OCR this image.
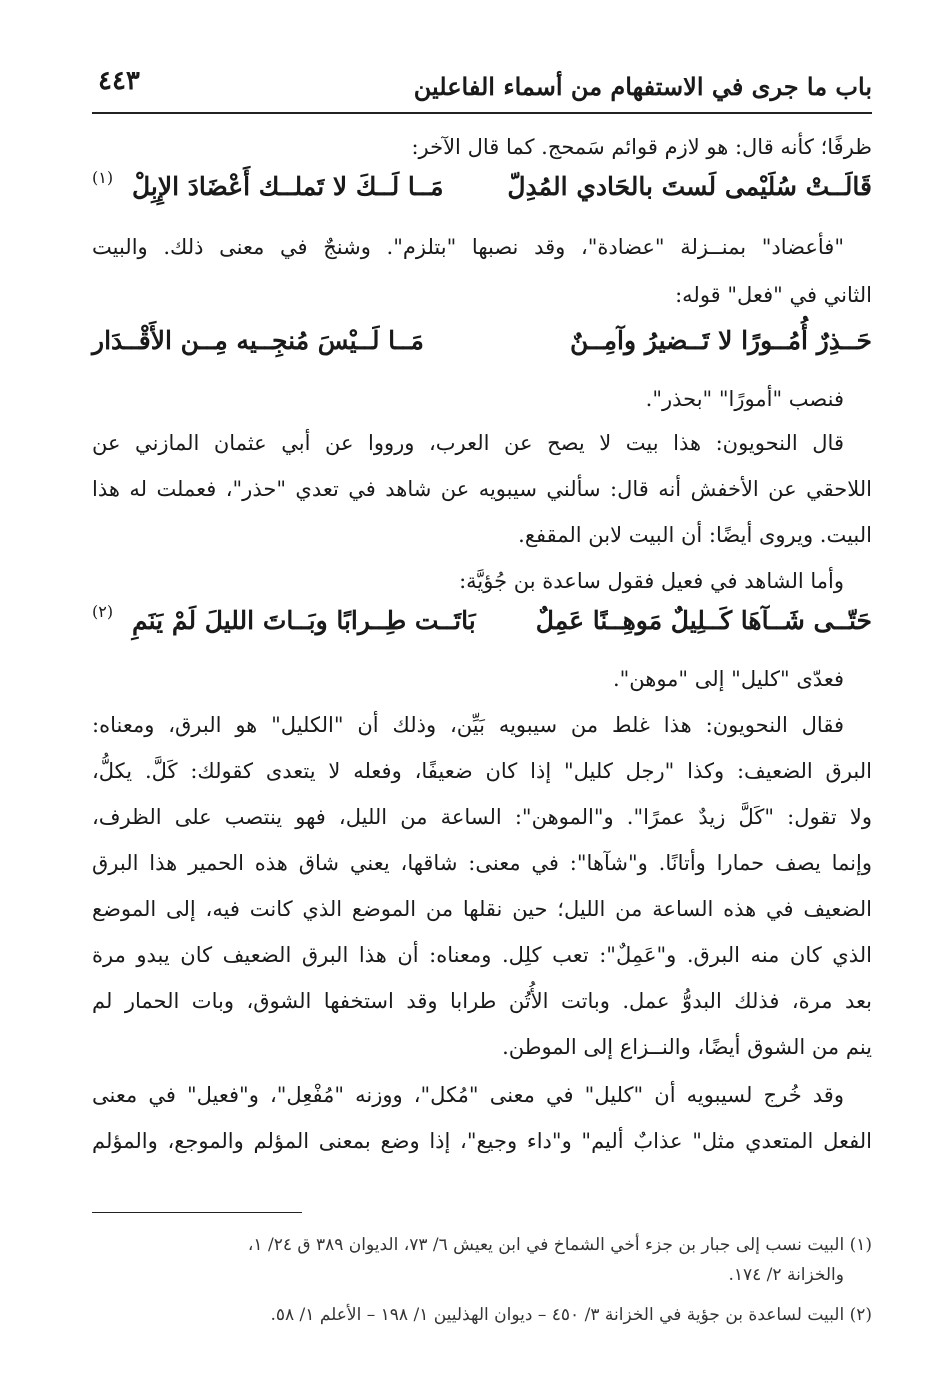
باب ما جرى في الاستفهام من أسماء الفاعلين
٤٤٣
ظرفًا؛ كأنه قال: هو لازم قوائم سَمحج. كما قال الآخر:
قَالَــتْ سُلَيْمى لَستَ بالحَادي المُدِلّ
مَــا لَــكَ لا تَملــك أَعْضَادَ الإِبِلْ
(١)
"فأعضاد" بمنــزلة "عضادة"، وقد نصبها "بتلزم". وشنجٌ في معنى ذلك. والبيت
الثاني في "فعل" قوله:
حَــذِرٌ أُمُــورًا لا تَــضيرُ وآمِــنٌ
مَــا لَــيْسَ مُنجِــيه مِــن الأَقْــدَار
فنصب "أمورًا" "بحذر".
قال النحويون: هذا بيت لا يصح عن العرب، ورووا عن أبي عثمان المازني عن
اللاحقي عن الأخفش أنه قال: سألني سيبويه عن شاهد في تعدي "حذر"، فعملت له هذا
البيت. ويروى أيضًا: أن البيت لابن المقفع.
وأما الشاهد في فعيل فقول ساعدة بن جُؤيَّة:
حَتّــى شَــآهَا كَــلِيلٌ مَوهِــنًا عَمِلٌ
بَاتَــت طِــرابًا وبَــاتَ الليلَ لَمْ يَنَمِ
(٢)
فعدّى "كليل" إلى "موهن".
فقال النحويون: هذا غلط من سيبويه بَيِّن، وذلك أن "الكليل" هو البرق، ومعناه:
البرق الضعيف: وكذا "رجل كليل" إذا كان ضعيفًا، وفعله لا يتعدى كقولك: كَلَّ. يكلُّ،
ولا تقول: "كَلَّ زيدٌ عمرًا". و"الموهن": الساعة من الليل، فهو ينتصب على الظرف،
وإنما يصف حمارا وأتانًا. و"شآها": في معنى: شاقها، يعني شاق هذه الحمير هذا البرق
الضعيف في هذه الساعة من الليل؛ حين نقلها من الموضع الذي كانت فيه، إلى الموضع
الذي كان منه البرق. و"عَمِلٌ": تعب كلِل. ومعناه: أن هذا البرق الضعيف كان يبدو مرة
بعد مرة، فذلك البدوُّ عمل. وباتت الأُتُن طرابا وقد استخفها الشوق، وبات الحمار لم
ينم من الشوق أيضًا، والنــزاع إلى الموطن.
وقد خُرج لسيبويه أن "كليل" في معنى "مُكل"، ووزنه "مُفْعِل"، و"فعيل" في معنى
الفعل المتعدي مثل" عذابٌ أليم" و"داء وجيع"، إذا وضع بمعنى المؤلم والموجع، والمؤلم
(١) البيت نسب إلى جبار بن جزء أخي الشماخ في ابن يعيش ٦/ ٧٣، الديوان ٣٨٩ ق ٢٤/ ١،
والخزانة ٢/ ١٧٤.
(٢) البيت لساعدة بن جؤية في الخزانة ٣/ ٤٥٠ – ديوان الهذليين ١/ ١٩٨ – الأعلم ١/ ٥٨.
